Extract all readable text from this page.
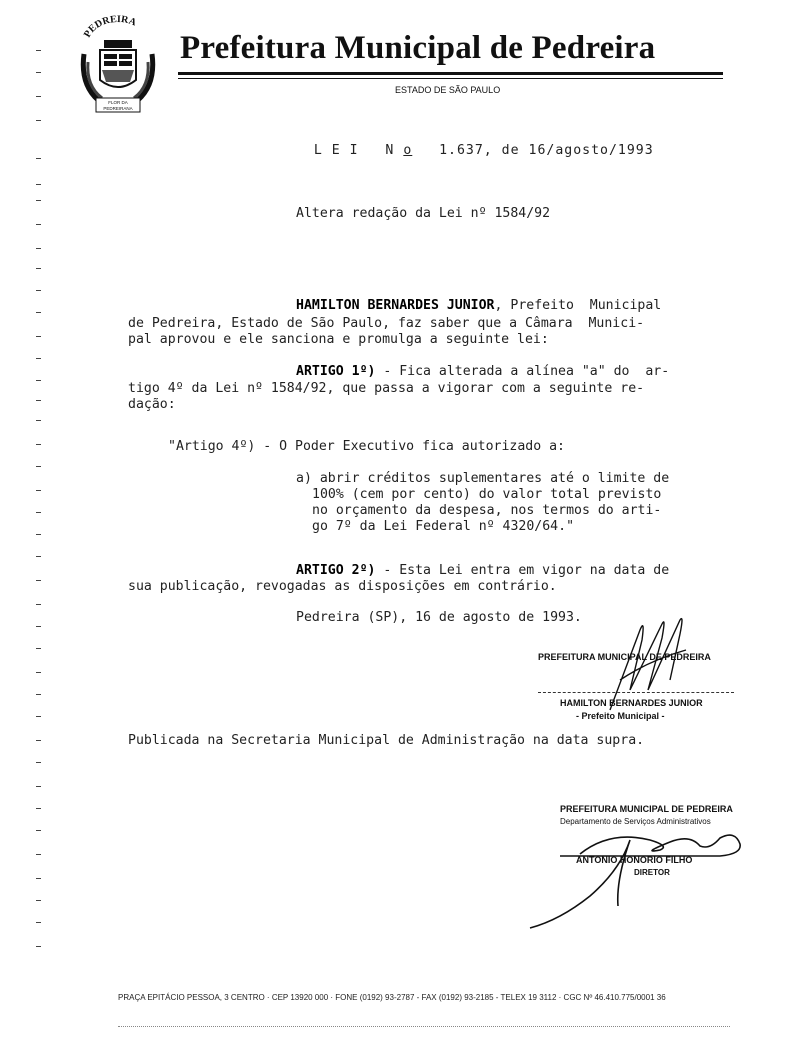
PEDREIRA
FLOR DA
PEDREIRANA
Prefeitura Municipal de Pedreira
ESTADO DE SÃO PAULO

L E I N o 1.637, de 16/agosto/1993

Altera redação da Lei nº 1584/92
HAMILTON BERNARDES JUNIOR, Prefeito  Municipal
de Pedreira, Estado de São Paulo, faz saber que a Câmara  Munici-
pal aprovou e ele sanciona e promulga a seguinte lei:
ARTIGO 1º) - Fica alterada a alínea "a" do  ar-
tigo 4º da Lei nº 1584/92, que passa a vigorar com a seguinte re-
dação:
"Artigo 4º) - O Poder Executivo fica autorizado a:
a) abrir créditos suplementares até o limite de
100% (cem por cento) do valor total previsto
no orçamento da despesa, nos termos do arti-
go 7º da Lei Federal nº 4320/64."
ARTIGO 2º) - Esta Lei entra em vigor na data de
sua publicação, revogadas as disposições em contrário.
Pedreira (SP), 16 de agosto de 1993.
PREFEITURA MUNICIPAL DE PEDREIRA
HAMILTON BERNARDES JUNIOR
- Prefeito Municipal -
Publicada na Secretaria Municipal de Administração na data supra.
PREFEITURA MUNICIPAL DE PEDREIRA
Departamento de Serviços Administrativos
ANTONIO HONORIO FILHO
DIRETOR
PRAÇA EPITÁCIO PESSOA, 3 CENTRO · CEP 13920 000 · FONE (0192) 93-2787 - FAX (0192) 93-2185 - TELEX 19 3112 · CGC Nº 46.410.775/0001 36
